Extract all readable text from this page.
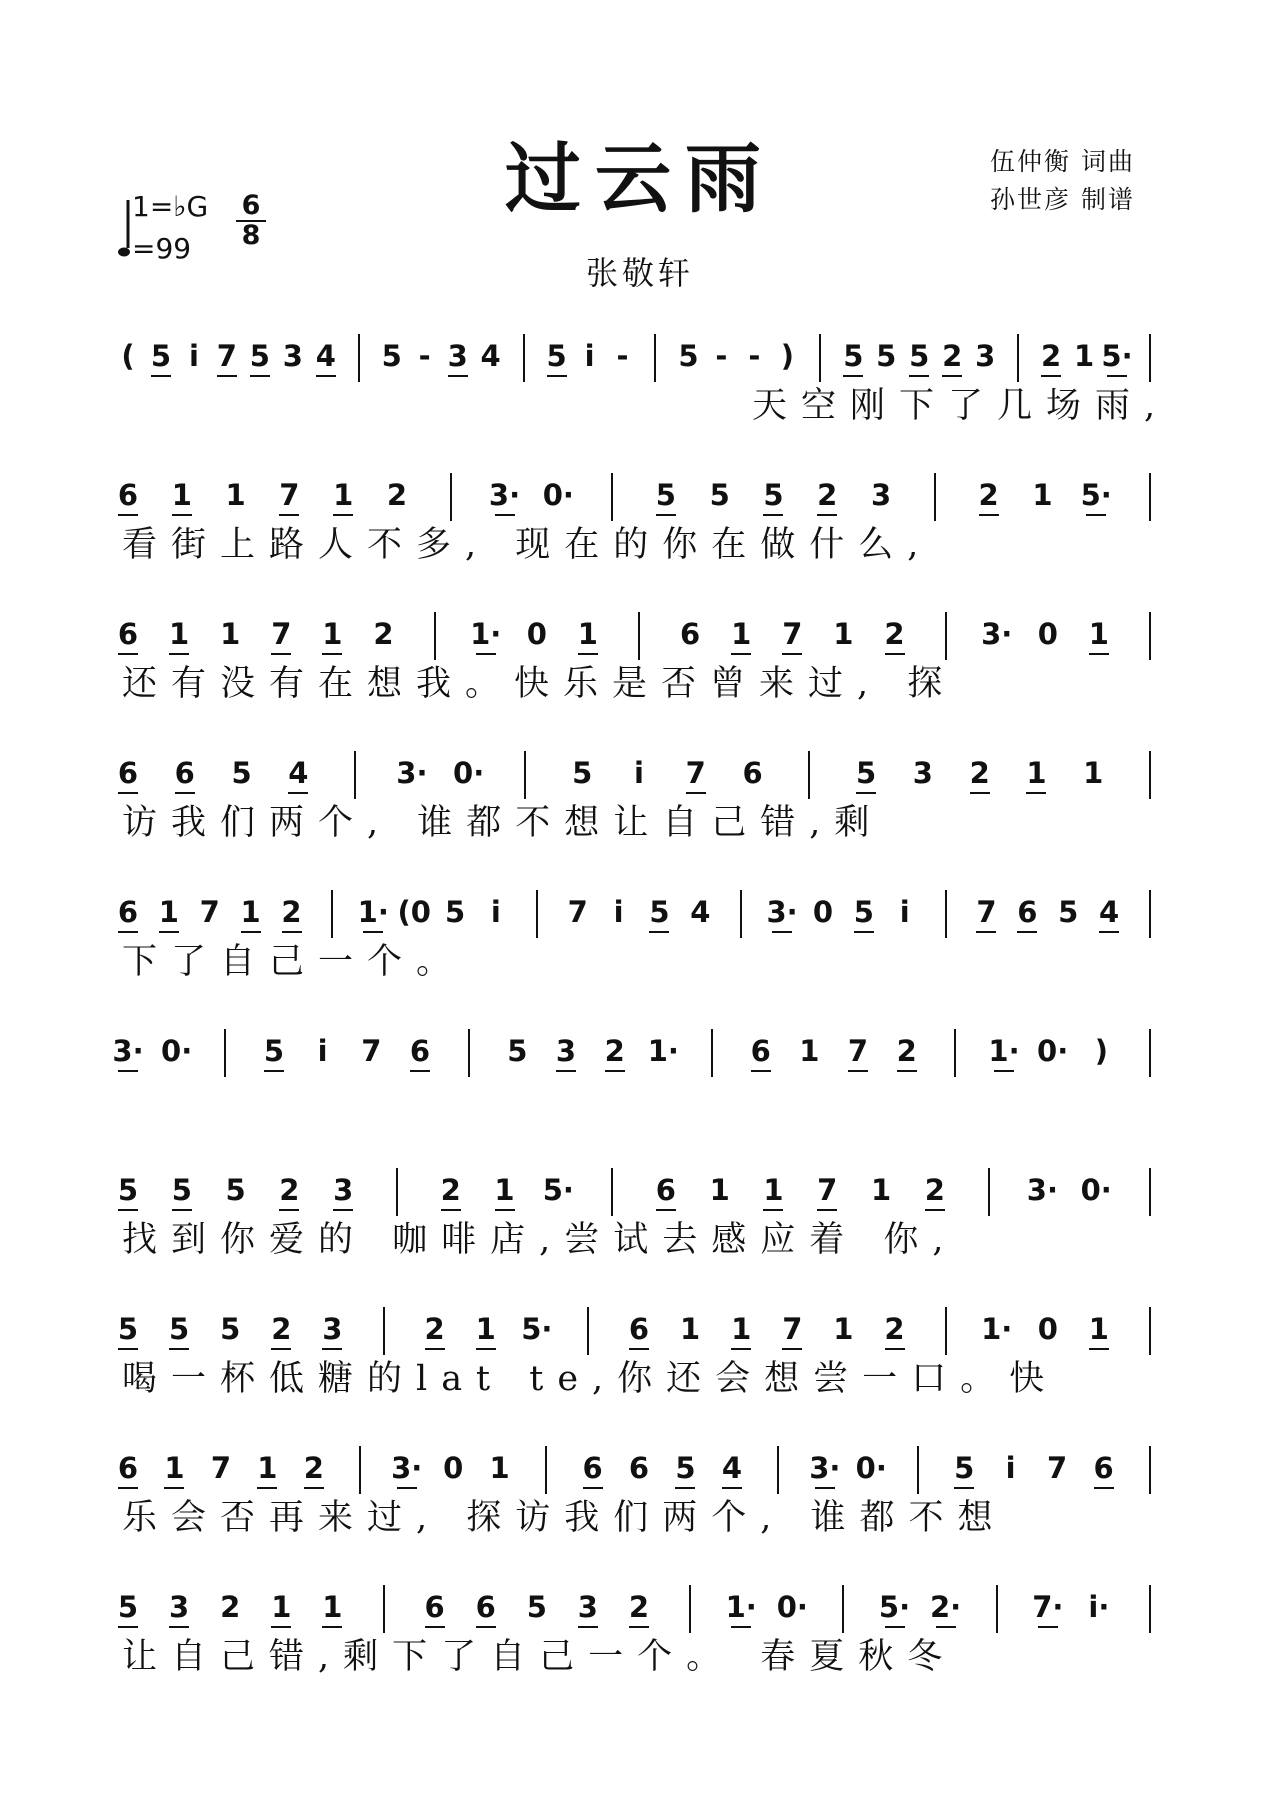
过云雨	伍仲衡 词曲
孙世彦 制谱
张敬轩
1=♭G
=99
6
8
( 5 i 7 5 3 4 5 - 3 4 5 i - 5 - - ) 5 5 5 2 3 2 1 5·
天空刚下了几场雨,
6 1 1 7 1 2	3· 0·	5 5 5 2 3	2 1 5·
看街上路人不多, 现在的你在做什么,
6 1 1 7 1 2	1· 0 1	6 1 7 1 2	3· 0 1
还有没有在想我。快乐是否曾来过, 探
6 6 5 4	3· 0·	5 i 7 6	5 3 2 1 1
访我们两个, 谁都不想让自己错,剩
6 1 7 1 2 1· (0 5 i 7 i 5 4 3· 0 5 i 7 6 5 4
下了自己一个。
3· 0· 5 i 7 6	5 3 2 1· 6 1 7 2 1· 0· )
5 5 5 2 3	2 1 5·	6 1 1 7 1 2	3· 0·
找到你爱的 咖啡店,尝试去感应着 你,
5 5 5 2 3	2 1 5·	6 1 1 7 1 2	1· 0 1
喝一杯低糖的lat te,你还会想尝一口。快
6 1 7 1 2 3· 0 1	6 6 5 4 3· 0· 5 i 7 6
乐会否再来过, 探访我们两个, 谁都不想
5 3 2 1 1	6 6 5 3 2	1· 0· 5· 2· 7· i·
让自己错,剩下了自己一个。 春夏秋冬
